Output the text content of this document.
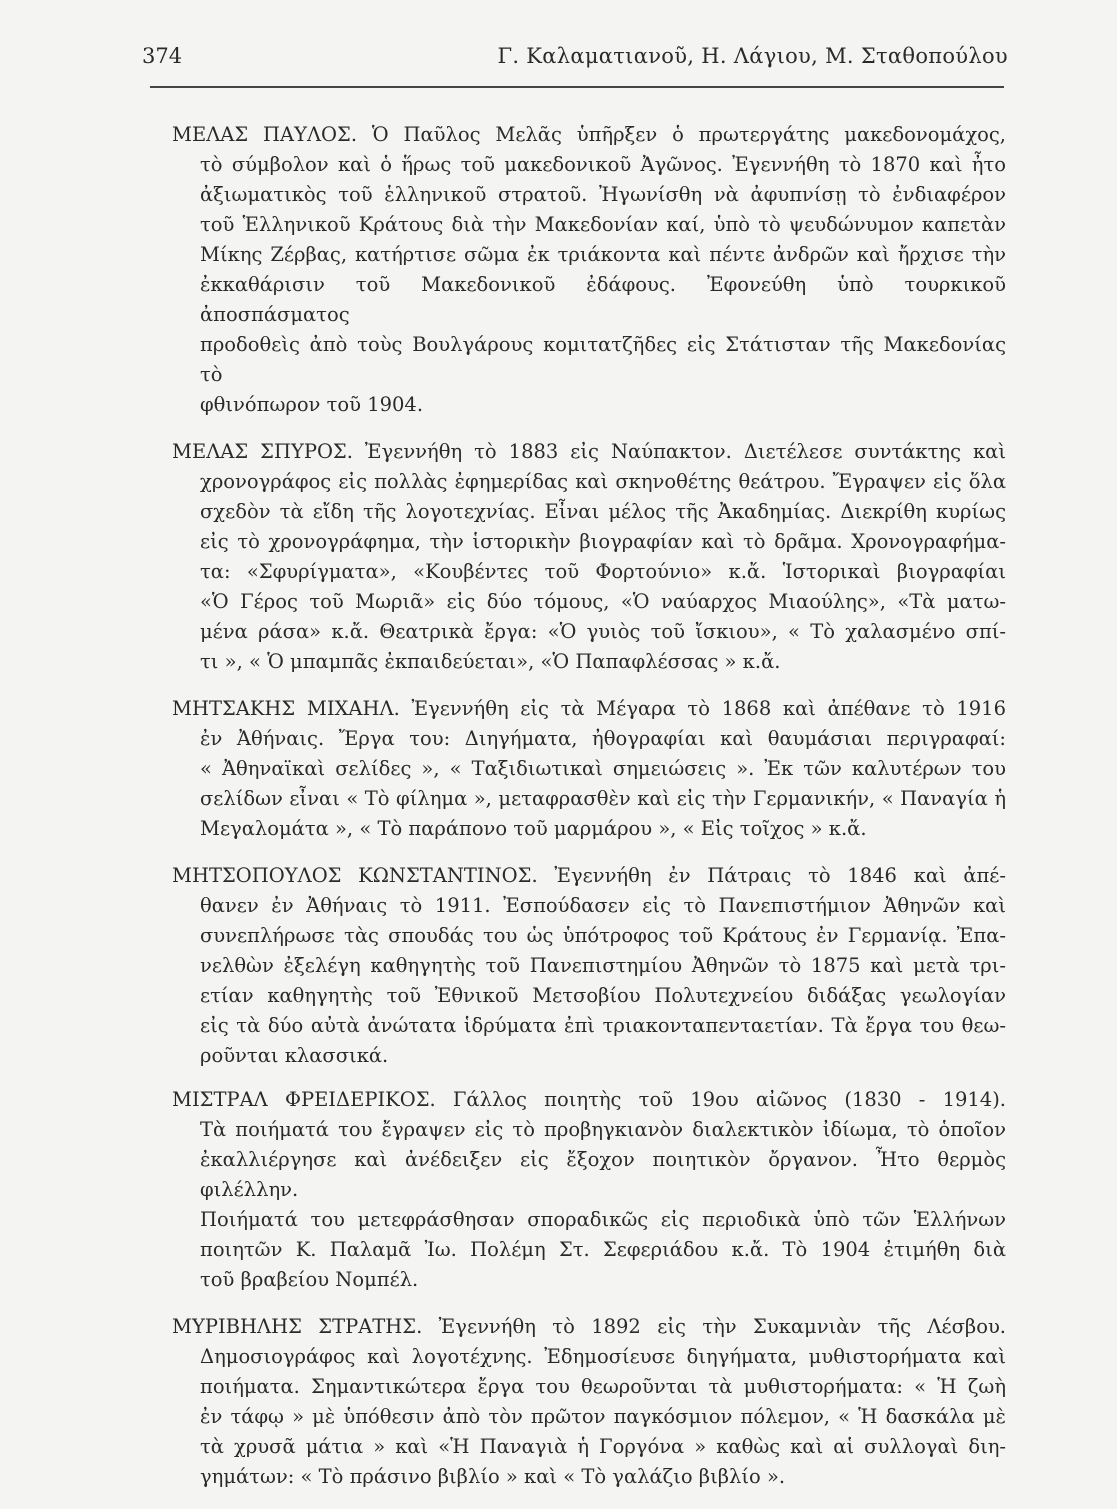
374	Γ. Καλαματιανοῦ, Η. Λάγιου, Μ. Σταθοπούλου
ΜΕΛΑΣ ΠΑΥΛΟΣ. Ὁ Παῦλος Μελᾶς ὑπῆρξεν ὁ πρωτεργάτης μακεδονομάχος,
τὸ σύμβολον καὶ ὁ ἥρως τοῦ μακεδονικοῦ Ἀγῶνος. Ἐγεννήθη τὸ 1870 καὶ ἦτο
ἀξιωματικὸς τοῦ ἑλληνικοῦ στρατοῦ. Ἠγωνίσθη νὰ ἀφυπνίσῃ τὸ ἐνδιαφέρον
τοῦ Ἑλληνικοῦ Κράτους διὰ τὴν Μακεδονίαν καί, ὑπὸ τὸ ψευδώνυμον καπετὰν
Μίκης Ζέρβας, κατήρτισε σῶμα ἐκ τριάκοντα καὶ πέντε ἀνδρῶν καὶ ἤρχισε τὴν
ἐκκαθάρισιν τοῦ Μακεδονικοῦ ἐδάφους. Ἐφονεύθη ὑπὸ τουρκικοῦ ἀποσπάσματος
προδοθεὶς ἀπὸ τοὺς Βουλγάρους κομιτατζῆδες εἰς Στάτισταν τῆς Μακεδονίας τὸ
φθινόπωρον τοῦ 1904.
ΜΕΛΑΣ ΣΠΥΡΟΣ. Ἐγεννήθη τὸ 1883 εἰς Ναύπακτον. Διετέλεσε συντάκτης καὶ
χρονογράφος εἰς πολλὰς ἐφημερίδας καὶ σκηνοθέτης θεάτρου. Ἔγραψεν εἰς ὅλα
σχεδὸν τὰ εἴδη τῆς λογοτεχνίας. Εἶναι μέλος τῆς Ἀκαδημίας. Διεκρίθη κυρίως
εἰς τὸ χρονογράφημα, τὴν ἱστορικὴν βιογραφίαν καὶ τὸ δρᾶμα. Χρονογραφήμα-
τα: «Σφυρίγματα», «Κουβέντες τοῦ Φορτούνιο» κ.ἄ. Ἱστορικαὶ βιογραφίαι
«Ὁ Γέρος τοῦ Μωριᾶ» εἰς δύο τόμους, «Ὁ ναύαρχος Μιαούλης», «Τὰ ματω-
μένα ράσα» κ.ἄ. Θεατρικὰ ἔργα: «Ὁ γυιὸς τοῦ ἴσκιου», « Τὸ χαλασμένο σπί-
τι », « Ὁ μπαμπᾶς ἐκπαιδεύεται», «Ὁ Παπαφλέσσας » κ.ἄ.
ΜΗΤΣΑΚΗΣ ΜΙΧΑΗΛ. Ἐγεννήθη εἰς τὰ Μέγαρα τὸ 1868 καὶ ἀπέθανε τὸ 1916
ἐν Ἀθήναις. Ἔργα του: Διηγήματα, ἠθογραφίαι καὶ θαυμάσιαι περιγραφαί:
« Ἀθηναϊκαὶ σελίδες », « Ταξιδιωτικαὶ σημειώσεις ». Ἐκ τῶν καλυτέρων του
σελίδων εἶναι « Τὸ φίλημα », μεταφρασθὲν καὶ εἰς τὴν Γερμανικήν, « Παναγία ἡ
Μεγαλομάτα », « Τὸ παράπονο τοῦ μαρμάρου », « Εἰς τοῖχος » κ.ἄ.
ΜΗΤΣΟΠΟΥΛΟΣ ΚΩΝΣΤΑΝΤΙΝΟΣ. Ἐγεννήθη ἐν Πάτραις τὸ 1846 καὶ ἀπέ-
θανεν ἐν Ἀθήναις τὸ 1911. Ἐσπούδασεν εἰς τὸ Πανεπιστήμιον Ἀθηνῶν καὶ
συνεπλήρωσε τὰς σπουδάς του ὡς ὑπότροφος τοῦ Κράτους ἐν Γερμανίᾳ. Ἐπα-
νελθὼν ἐξελέγη καθηγητὴς τοῦ Πανεπιστημίου Ἀθηνῶν τὸ 1875 καὶ μετὰ τρι-
ετίαν καθηγητὴς τοῦ Ἐθνικοῦ Μετσοβίου Πολυτεχνείου διδάξας γεωλογίαν
εἰς τὰ δύο αὐτὰ ἀνώτατα ἱδρύματα ἐπὶ τριακονταπενταετίαν. Τὰ ἔργα του θεω-
ροῦνται κλασσικά.
ΜΙΣΤΡΑΛ ΦΡΕΙΔΕΡΙΚΟΣ. Γάλλος ποιητὴς τοῦ 19ου αἰῶνος (1830 - 1914).
Τὰ ποιήματά του ἔγραψεν εἰς τὸ προβηγκιανὸν διαλεκτικὸν ἰδίωμα, τὸ ὁποῖον
ἐκαλλιέργησε καὶ ἀνέδειξεν εἰς ἔξοχον ποιητικὸν ὄργανον. Ἦτο θερμὸς φιλέλλην.
Ποιήματά του μετεφράσθησαν σποραδικῶς εἰς περιοδικὰ ὑπὸ τῶν Ἑλλήνων
ποιητῶν Κ. Παλαμᾶ Ἰω. Πολέμη Στ. Σεφεριάδου κ.ἄ. Τὸ 1904 ἐτιμήθη διὰ
τοῦ βραβείου Νομπέλ.
ΜΥΡΙΒΗΛΗΣ ΣΤΡΑΤΗΣ. Ἐγεννήθη τὸ 1892 εἰς τὴν Συκαμνιὰν τῆς Λέσβου.
Δημοσιογράφος καὶ λογοτέχνης. Ἐδημοσίευσε διηγήματα, μυθιστορήματα καὶ
ποιήματα. Σημαντικώτερα ἔργα του θεωροῦνται τὰ μυθιστορήματα: « Ἡ ζωὴ
ἐν τάφῳ » μὲ ὑπόθεσιν ἀπὸ τὸν πρῶτον παγκόσμιον πόλεμον, « Ἡ δασκάλα μὲ
τὰ χρυσᾶ μάτια » καὶ «Ἡ Παναγιὰ ἡ Γοργόνα » καθὼς καὶ αἱ συλλογαὶ διη-
γημάτων: « Τὸ πράσινο βιβλίο » καὶ « Τὸ γαλάζιο βιβλίο ».
